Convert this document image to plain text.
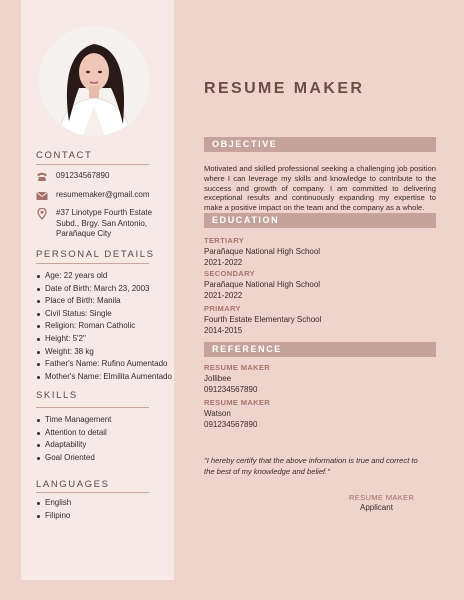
CONTACT
091234567890
resumemaker@gmail.com
#37 Linotype Fourth Estate
Subd., Brgy. San Antonio,
Parañaque City
PERSONAL DETAILS
Age: 22 years old
Date of Birth: March 23, 2003
Place of Birth: Manila
Civil Status: Single
Religion: Roman Catholic
Height: 5'2"
Weight: 38 kg
Father's Name: Rufino Aumentado
Mother's Name: Elmilita Aumentado
SKILLS
Time Management
Attention to detail
Adaptability
Goal Oriented
LANGUAGES
English
Filipino
RESUME MAKER
OBJECTIVE
Motivated and skilled professional seeking a challenging job position where I can leverage my skills and knowledge to contribute to the success and growth of company. I am committed to delivering exceptional results and continuously expanding my expertise to make a positive impact on the team and the company as a whole.
EDUCATION
TERTIARY
Parañaque National High School
2021-2022
SECONDARY
Parañaque National High School
2021-2022
PRIMARY
Fourth Estate Elementary School
2014-2015
REFERENCE
RESUME MAKER
Jollibee
091234567890
RESUME MAKER
Watson
091234567890
"I hereby certify that the above information is true and correct to the best of my knowledge and belief."
RESUME MAKER
Applicant
